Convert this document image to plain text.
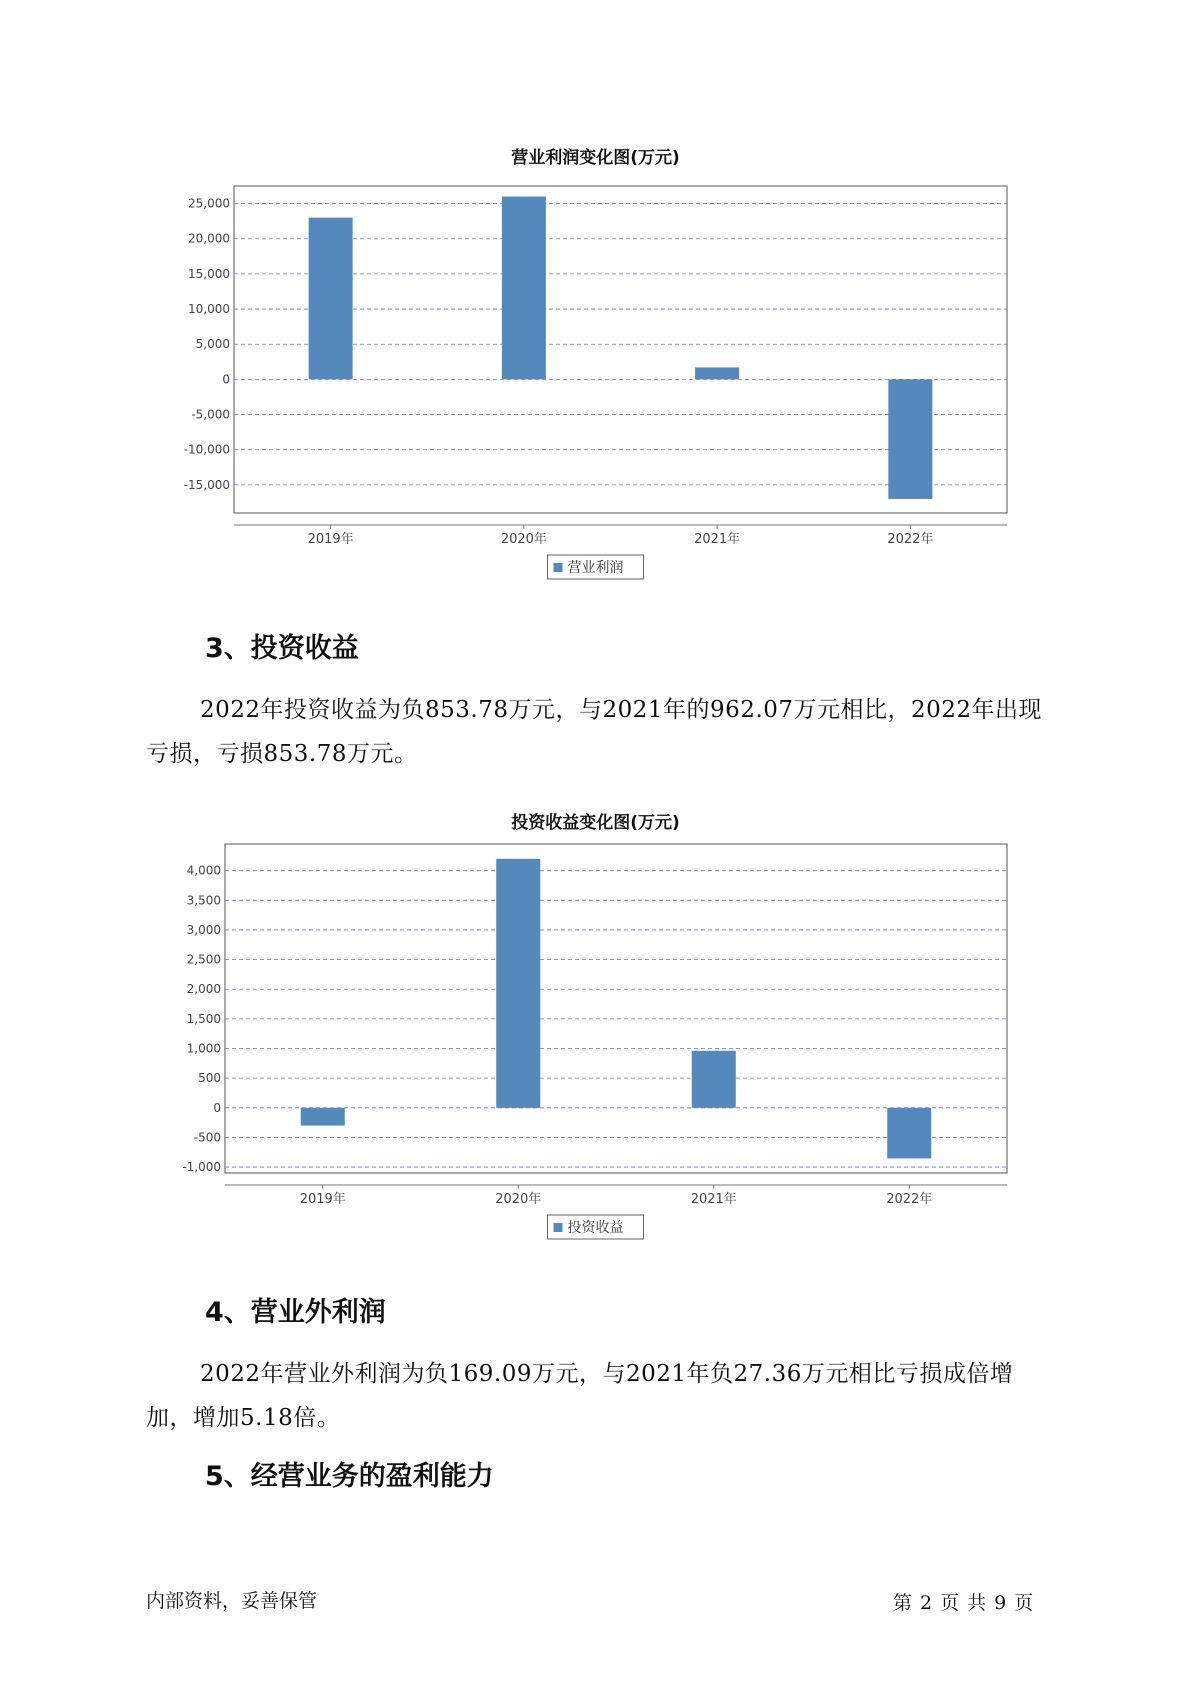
营业利润变化图(万元)
25,000
20,000
15,000
10,000
5,000
0
-5,000
-10,000
-15,000
2019年	2020年	2021年	2022年
营业利润
3、投资收益

2022年投资收益为负853.78万元，与2021年的962.07万元相比，2022年出现亏损，亏损853.78万元。

投资收益变化图(万元)
4,000
3,500
3,000
2,500
2,000
1,500
1,000
500
0
-500
-1,000
2019年	2020年	2021年	2022年
投资收益
4、营业外利润

2022年营业外利润为负169.09万元，与2021年负27.36万元相比亏损成倍增加，增加5.18倍。

5、经营业务的盈利能力
内部资料，妥善保管	第 2 页 共 9 页
